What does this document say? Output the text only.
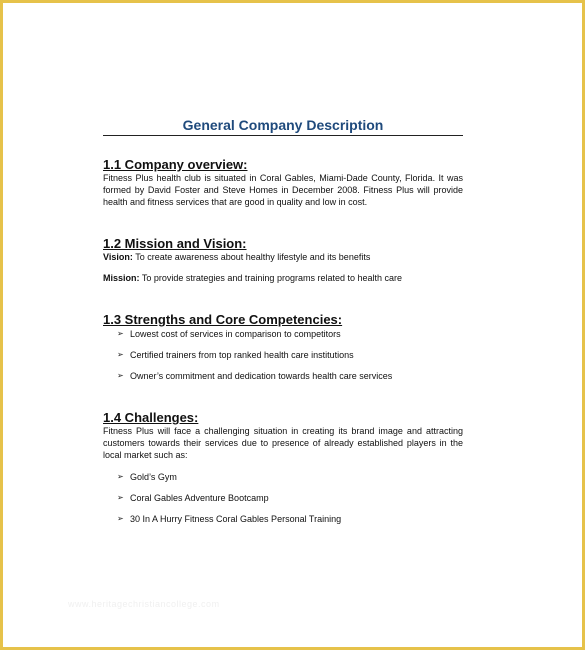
General Company Description
1.1 Company overview:

Fitness Plus health club is situated in Coral Gables, Miami-Dade County, Florida. It was formed by David Foster and Steve Homes in December 2008. Fitness Plus will provide health and fitness services that are good in quality and low in cost.

1.2 Mission and Vision:

Vision: To create awareness about healthy lifestyle and its benefits

Mission: To provide strategies and training programs related to health care

1.3 Strengths and Core Competencies:
➢ Lowest cost of services in comparison to competitors
➢ Certified trainers from top ranked health care institutions
➢ Owner’s commitment and dedication towards health care services
1.4 Challenges:

Fitness Plus will face a challenging situation in creating its brand image and attracting customers towards their services due to presence of already established players in the local market such as:

➢ Gold’s Gym
➢ Coral Gables Adventure Bootcamp
➢ 30 In A Hurry Fitness Coral Gables Personal Training
www.heritagechristiancollege.com
